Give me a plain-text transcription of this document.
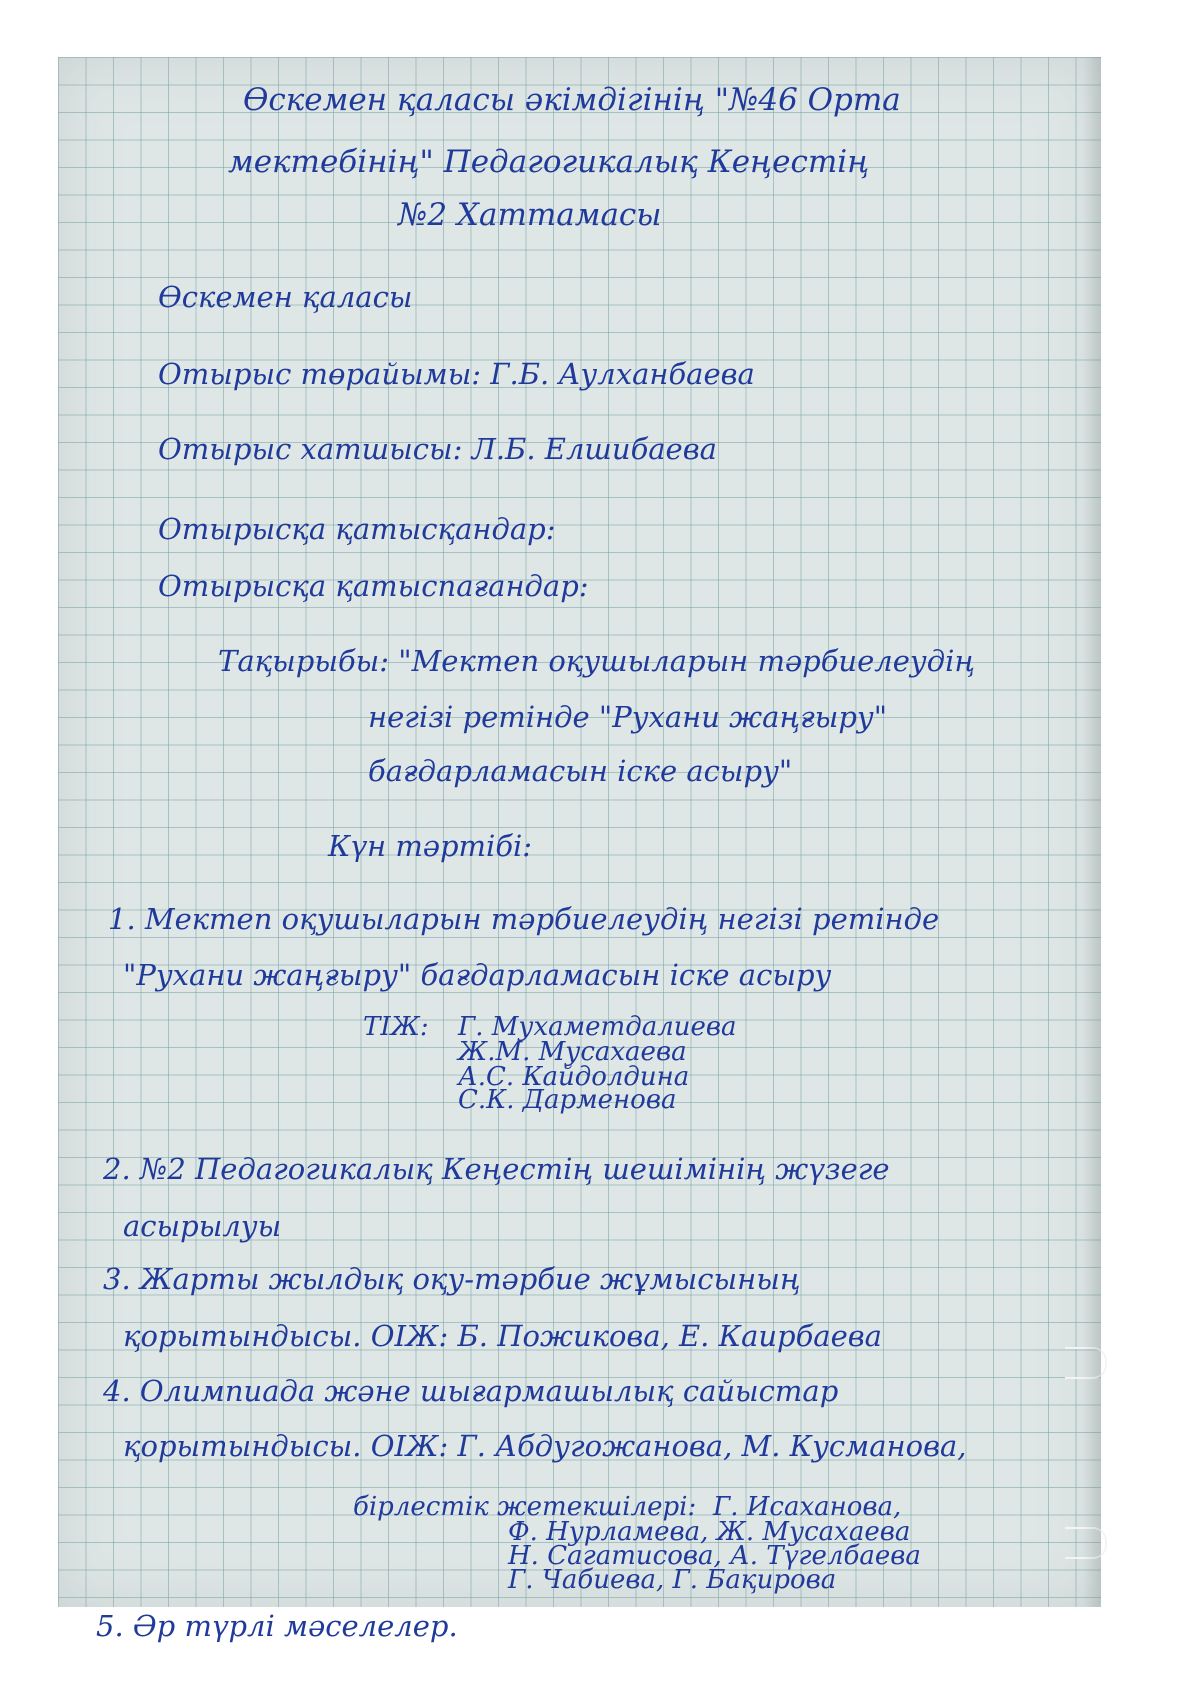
Өскемен қаласы әкімдігінің "№46 Орта
мектебінің" Педагогикалық Кеңестің
№2 Хаттамасы
Өскемен қаласы
Отырыс төрайымы: Г.Б. Аулханбаева
Отырыс хатшысы: Л.Б. Елшибаева
Отырысқа қатысқандар:
Отырысқа қатыспағандар:
Тақырыбы: "Мектеп оқушыларын тәрбиелеудің
негізі ретінде "Рухани жаңғыру"
бағдарламасын іске асыру"
Күн тәртібі:
1. Мектеп оқушыларын тәрбиелеудің негізі ретінде
"Рухани жаңғыру" бағдарламасын іске асыру
ТІЖ: Г. Мухаметдалиева
Ж.М. Мусахаева
А.С. Кайдолдина
С.К. Дарменова
2. №2 Педагогикалық Кеңестің шешімінің жүзеге
асырылуы
3. Жарты жылдық оқу-тәрбие жұмысының
қорытындысы. ОІЖ: Б. Пожикова, Е. Каирбаева
4. Олимпиада және шығармашылық сайыстар
қорытындысы. ОІЖ: Г. Абдугожанова, М. Кусманова,
бірлестік жетекшілері: Г. Исаханова,
Ф. Нурламева, Ж. Мусахаева
Н. Сагатисова, А. Түгелбаева
Г. Чабиева, Г. Бақирова
5. Әр түрлі мәселелер.
